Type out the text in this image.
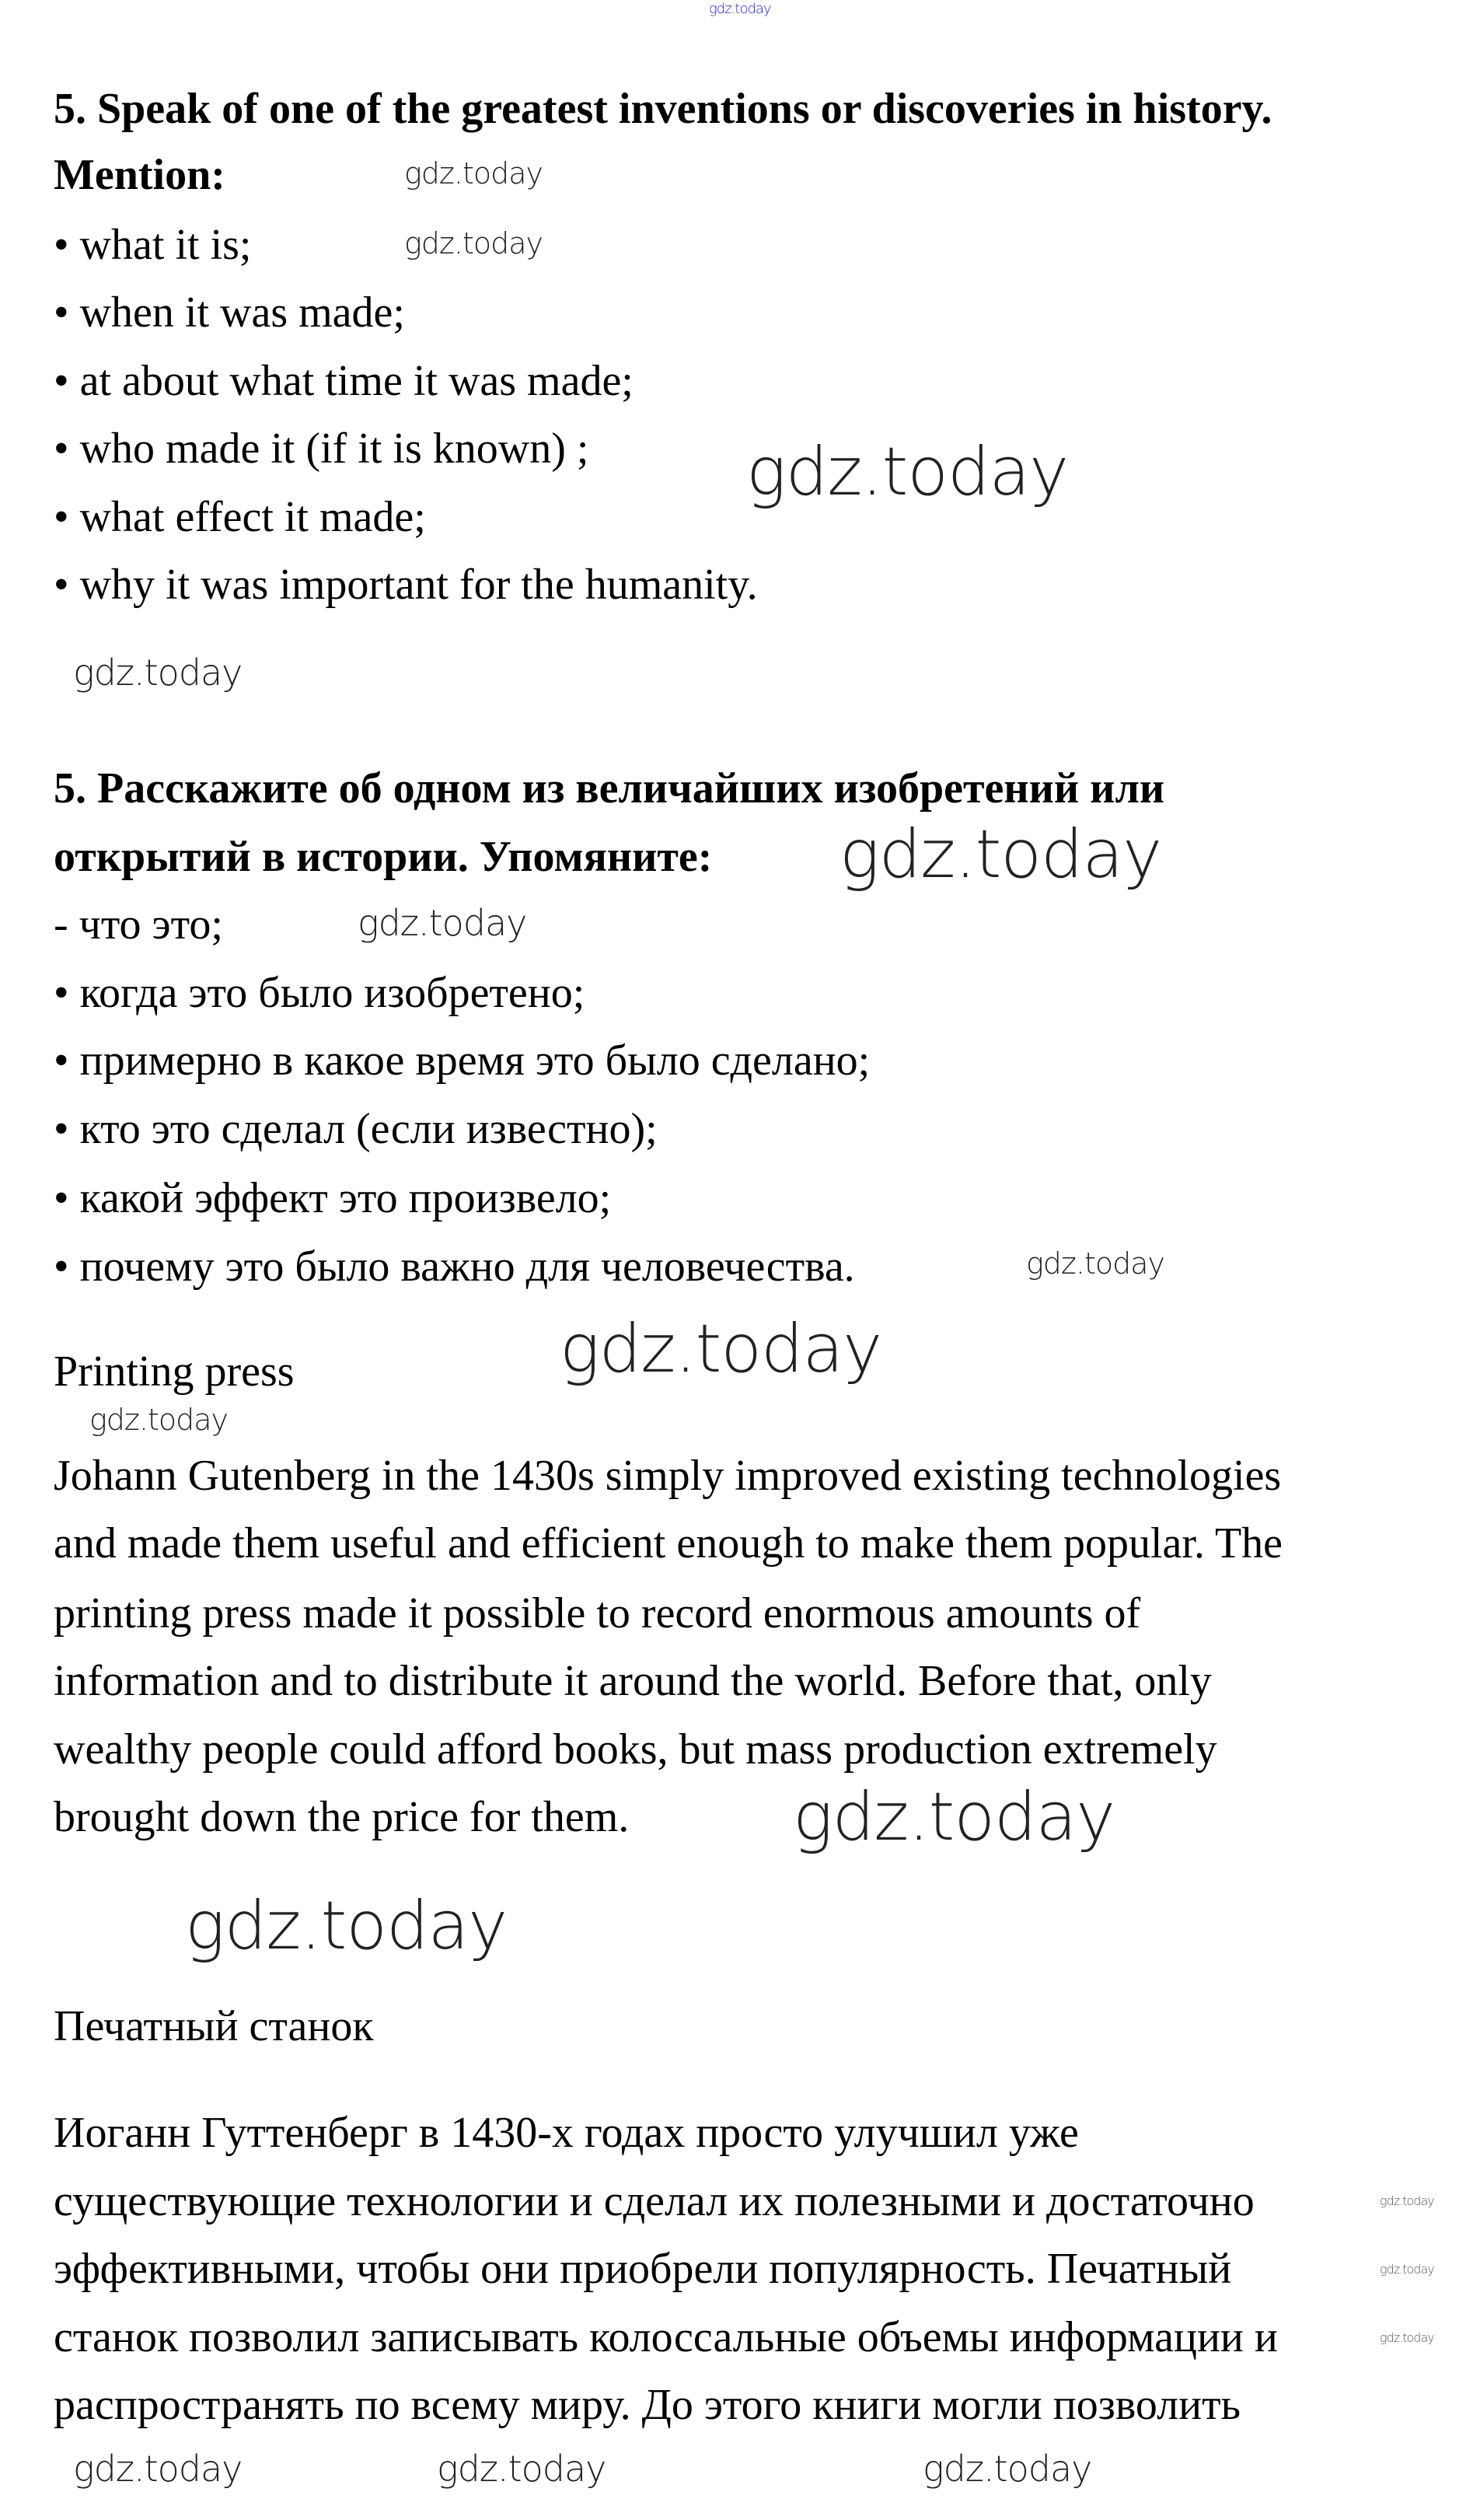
5. Speak of one of the greatest inventions or discoveries in history.
Mention:
• what it is;
• when it was made;
• at about what time it was made;
• who made it (if it is known) ;
• what effect it made;
• why it was important for the humanity.
5. Расскажите об одном из величайших изобретений или
открытий в истории. Упомяните:
- что это;
• когда это было изобретено;
• примерно в какое время это было сделано;
• кто это сделал (если известно);
• какой эффект это произвело;
• почему это было важно для человечества.
Printing press
Johann Gutenberg in the 1430s simply improved existing technologies
and made them useful and efficient enough to make them popular. The
printing press made it possible to record enormous amounts of
information and to distribute it around the world. Before that, only
wealthy people could afford books, but mass production extremely
brought down the price for them.
Печатный станок
Иоганн Гуттенберг в 1430-х годах просто улучшил уже
существующие технологии и сделал их полезными и достаточно
эффективными, чтобы они приобрели популярность. Печатный
станок позволил записывать колоссальные объемы информации и
распространять по всему миру. До этого книги могли позволить
gdz.today
gdz.today
gdz.today
gdz.today
gdz.today
gdz.today
gdz.today
gdz.today
gdz.today
gdz.today
gdz.today
gdz.today
gdz.today
gdz.today
gdz.today
gdz.today
gdz.today
gdz.today
